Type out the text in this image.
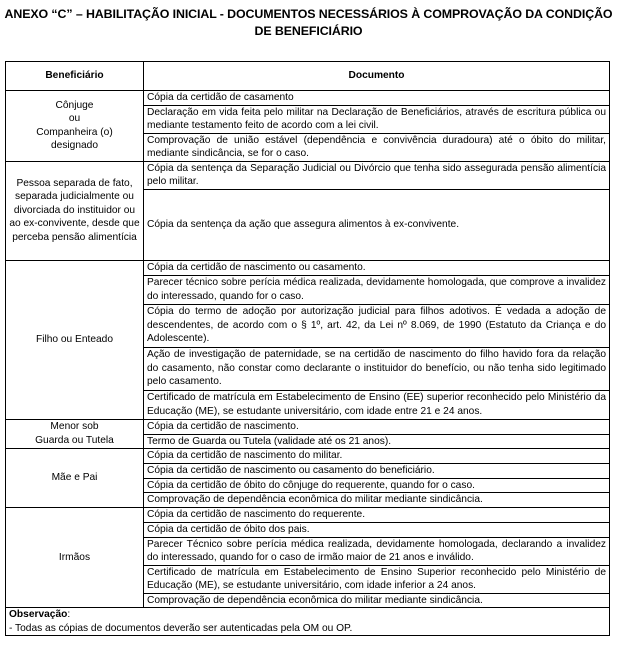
ANEXO “C” – HABILITAÇÃO INICIAL - DOCUMENTOS NECESSÁRIOS À COMPROVAÇÃO DA CONDIÇÃO
DE BENEFICIÁRIO
Beneficiário	Documento
Cônjuge
ou
Companheira (o)
designado	Cópia da certidão de casamento
	Declaração em vida feita pelo militar na Declaração de Beneficiários, através de escritura pública ou mediante testamento feito de acordo com a lei civil.
	Comprovação de união estável (dependência e convivência duradoura) até o óbito do militar, mediante sindicância, se for o caso.
Pessoa separada de fato, separada judicialmente ou divorciada do instituidor ou ao ex-convivente, desde que perceba pensão alimentícia	Cópia da sentença da Separação Judicial ou Divórcio que tenha sido assegurada pensão alimentícia pelo militar.
	Cópia da sentença da ação que assegura alimentos à ex-convivente.
Filho ou Enteado	Cópia da certidão de nascimento ou casamento.
	Parecer técnico sobre perícia médica realizada, devidamente homologada, que comprove a invalidez do interessado, quando for o caso.
	Cópia do termo de adoção por autorização judicial para filhos adotivos. É vedada a adoção de descendentes, de acordo com o § 1º, art. 42, da Lei nº 8.069, de 1990 (Estatuto da Criança e do Adolescente).
	Ação de investigação de paternidade, se na certidão de nascimento do filho havido fora da relação do casamento, não constar como declarante o instituidor do benefício, ou não tenha sido legitimado pelo casamento.
	Certificado de matrícula em Estabelecimento de Ensino (EE) superior reconhecido pelo Ministério da Educação (ME), se estudante universitário, com idade entre 21 e 24 anos.
Menor sob
Guarda ou Tutela	Cópia da certidão de nascimento.
	Termo de Guarda ou Tutela (validade até os 21 anos).
Mãe e Pai	Cópia da certidão de nascimento do militar.
	Cópia da certidão de nascimento ou casamento do beneficiário.
	Cópia da certidão de óbito do cônjuge do requerente, quando for o caso.
	Comprovação de dependência econômica do militar mediante sindicância.
Irmãos	Cópia da certidão de nascimento do requerente.
	Cópia da certidão de óbito dos pais.
	Parecer Técnico sobre perícia médica realizada, devidamente homologada, declarando a invalidez do interessado, quando for o caso de irmão maior de 21 anos e inválido.
	Certificado de matrícula em Estabelecimento de Ensino Superior reconhecido pelo Ministério de Educação (ME), se estudante universitário, com idade inferior a 24 anos.
	Comprovação de dependência econômica do militar mediante sindicância.

Observação:
- Todas as cópias de documentos deverão ser autenticadas pela OM ou OP.	
